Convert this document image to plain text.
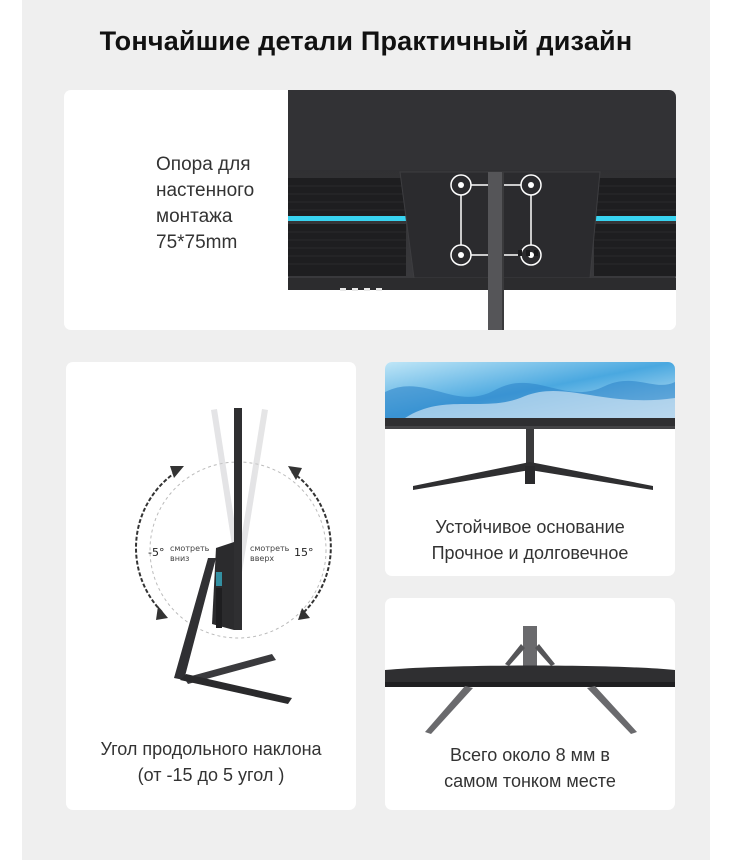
Тончайшие детали Практичный дизайн
Опора для
настенного
монтажа
75*75mm
-5° смотреть
вниз
смотреть
вверх 15°
Угол продольного наклона
(от -15 до 5 угол )
Устойчивое основание
Прочное и долговечное
Всего около 8 мм в
самом тонком месте
